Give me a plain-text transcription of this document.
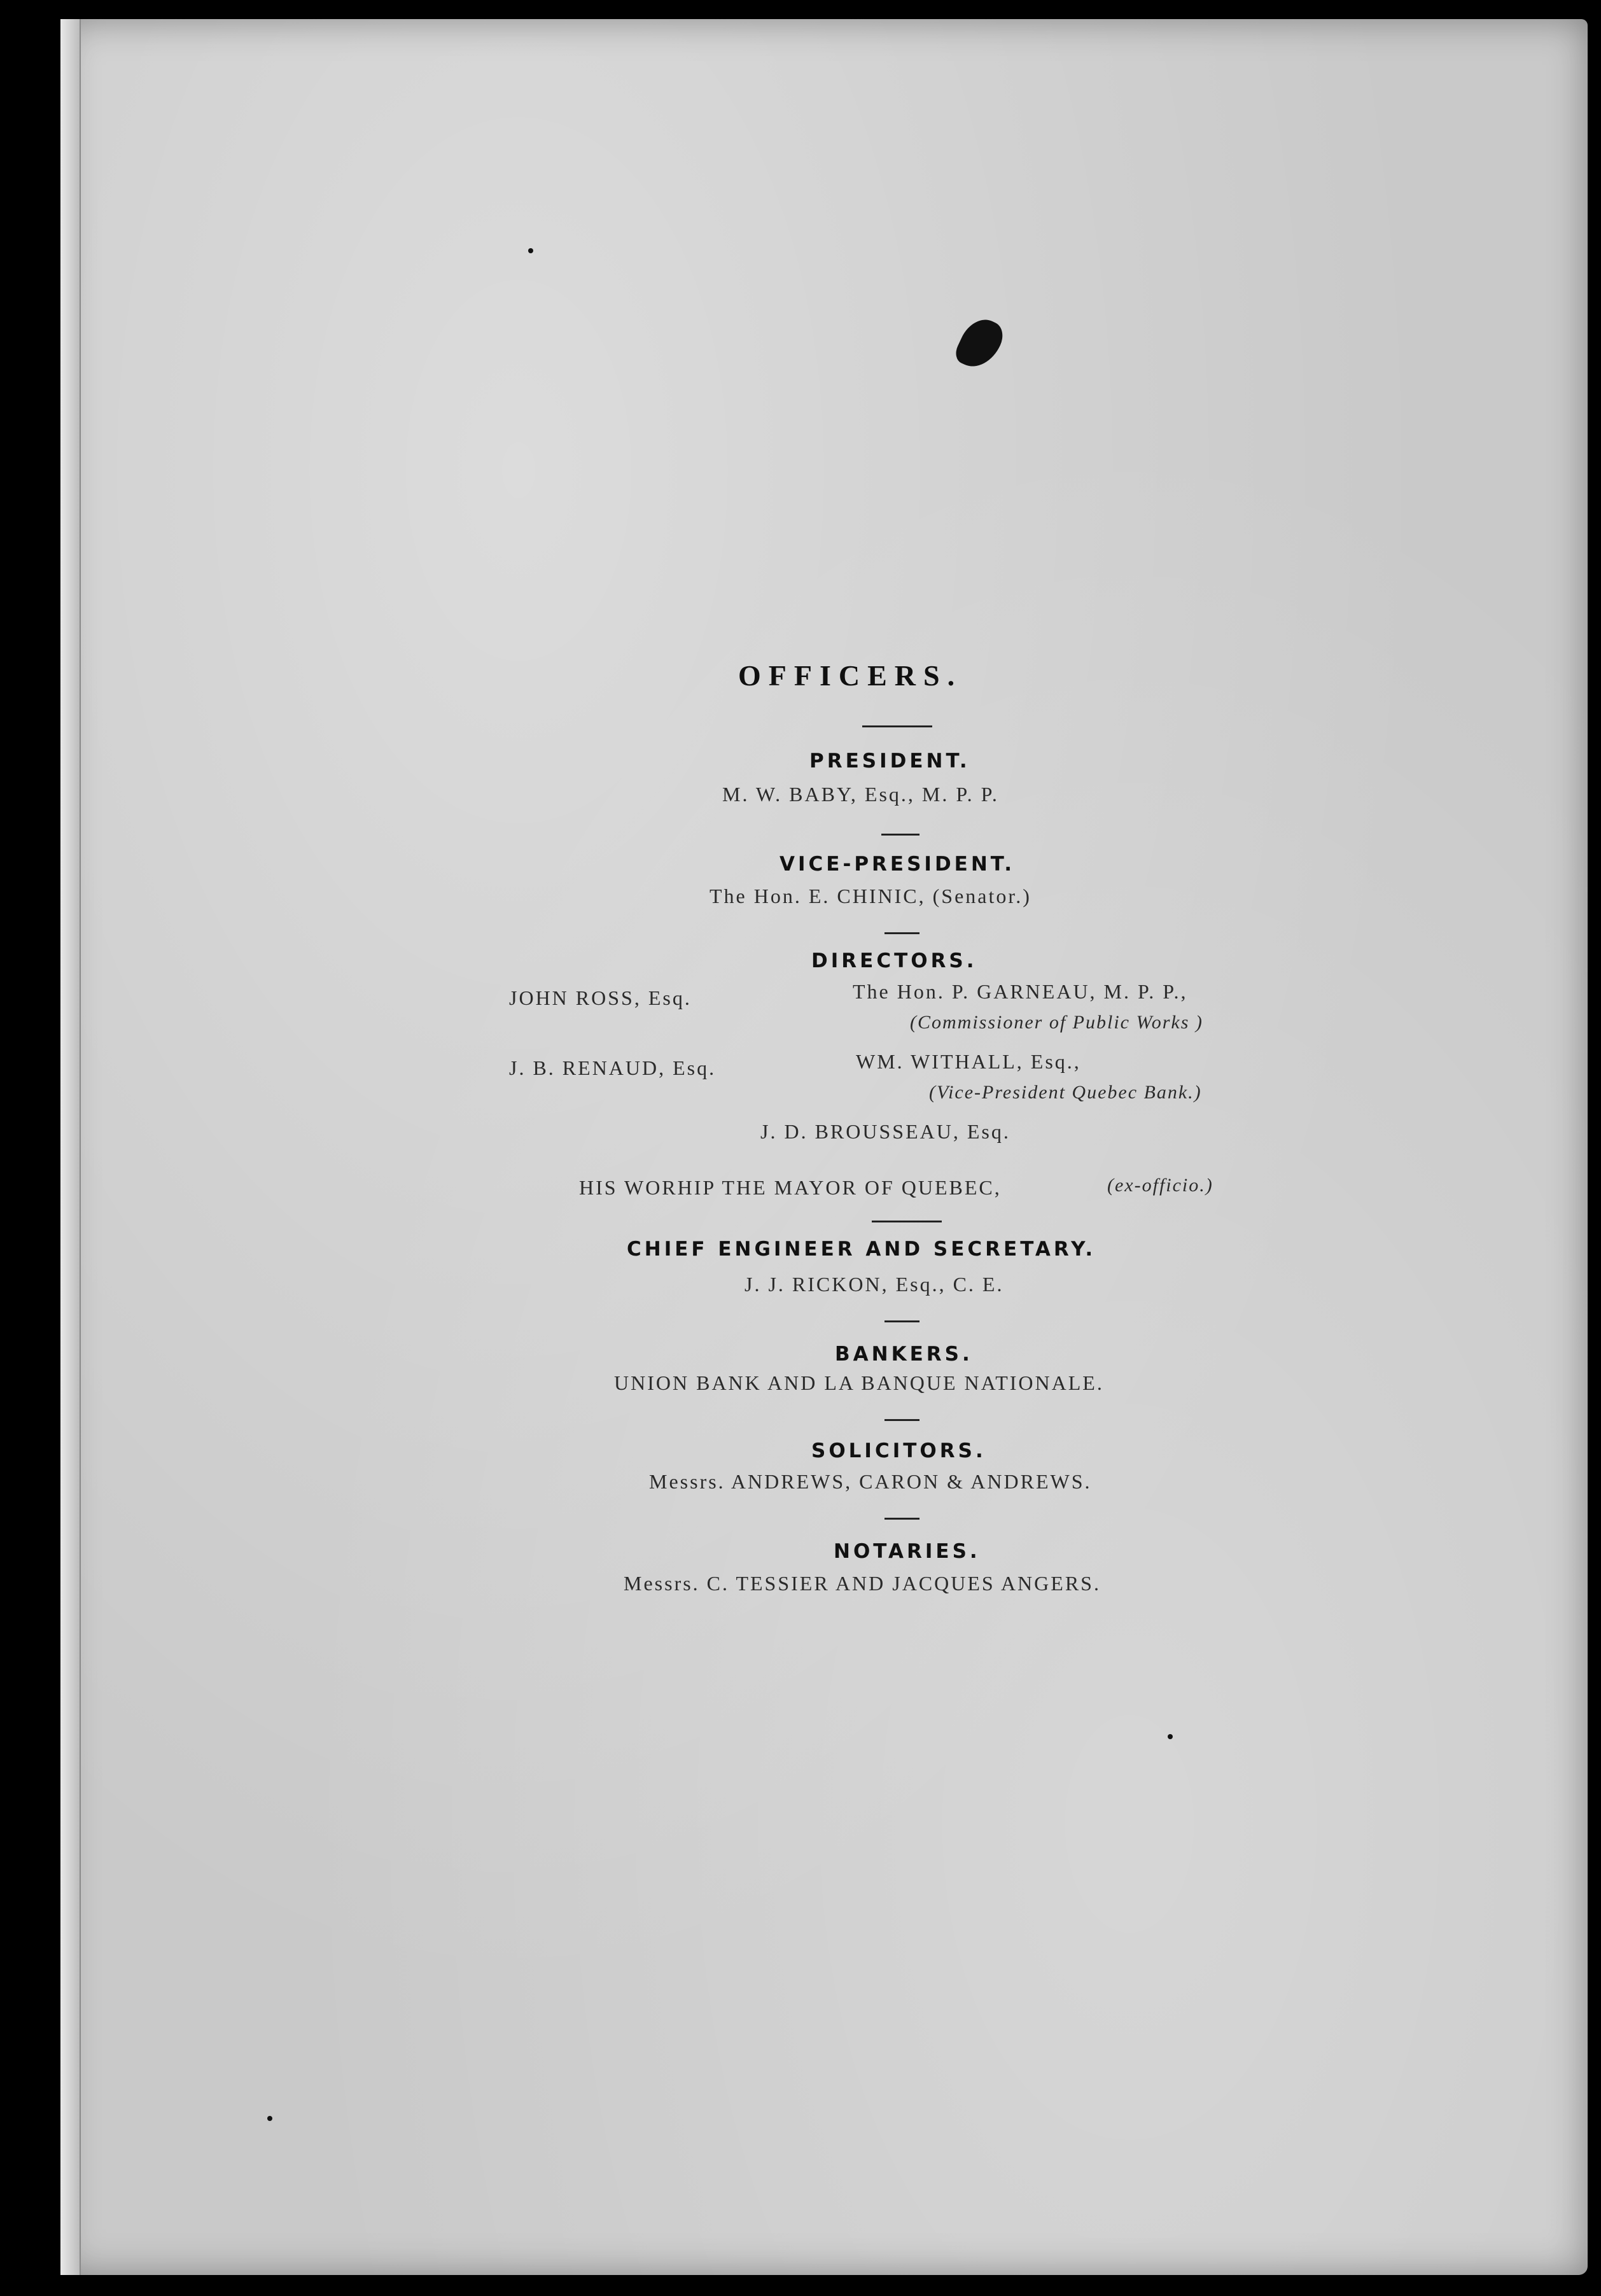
OFFICERS.
PRESIDENT.
M. W. BABY, Esq., M. P. P.
VICE-PRESIDENT.
The Hon. E. CHINIC, (Senator.)
DIRECTORS.
JOHN ROSS, Esq.	The Hon. P. GARNEAU, M. P. P.,
(Commissioner of Public Works )
J. B. RENAUD, Esq.	WM. WITHALL, Esq.,
(Vice-President Quebec Bank.)
J. D. BROUSSEAU, Esq.
HIS WORHIP THE MAYOR OF QUEBEC,	(ex-officio.)
CHIEF ENGINEER AND SECRETARY.
J. J. RICKON, Esq., C. E.
BANKERS.
UNION BANK AND LA BANQUE NATIONALE.
SOLICITORS.
Messrs. ANDREWS, CARON & ANDREWS.
NOTARIES.
Messrs. C. TESSIER AND JACQUES ANGERS.
